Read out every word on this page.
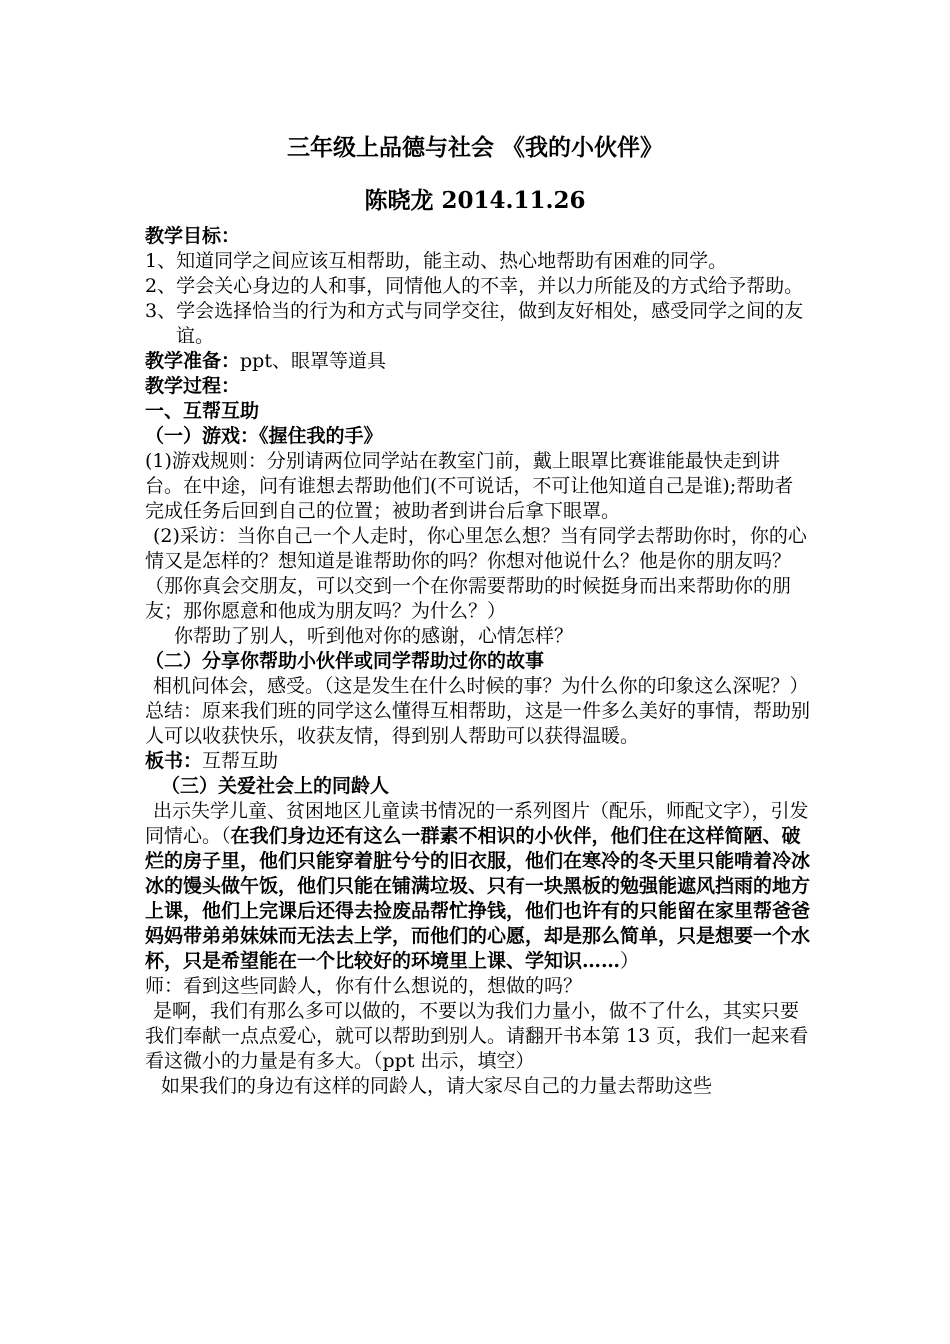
三年级上品德与社会 《我的小伙伴》
陈晓龙 2014.11.26

教学目标：

1、知道同学之间应该互相帮助，能主动、热心地帮助有困难的同学。

2、学会关心身边的人和事，同情他人的不幸，并以力所能及的方式给予帮助。

3、学会选择恰当的行为和方式与同学交往，做到友好相处，感受同学之间的友谊。

教学准备：ppt、眼罩等道具

教学过程：

一、互帮互助

（一）游戏：《握住我的手》

(1)游戏规则：分别请两位同学站在教室门前，戴上眼罩比赛谁能最快走到讲台。在中途，问有谁想去帮助他们(不可说话，不可让他知道自己是谁);帮助者完成任务后回到自己的位置；被助者到讲台后拿下眼罩。

(2)采访：当你自己一个人走时，你心里怎么想？当有同学去帮助你时，你的心情又是怎样的？想知道是谁帮助你的吗？你想对他说什么？他是你的朋友吗？（那你真会交朋友，可以交到一个在你需要帮助的时候挺身而出来帮助你的朋友；那你愿意和他成为朋友吗？为什么？）

你帮助了别人，听到他对你的感谢，心情怎样？

（二）分享你帮助小伙伴或同学帮助过你的故事

相机问体会，感受。（这是发生在什么时候的事？为什么你的印象这么深呢？）

总结：原来我们班的同学这么懂得互相帮助，这是一件多么美好的事情，帮助别人可以收获快乐，收获友情，得到别人帮助可以获得温暖。

板书：互帮互助

（三）关爱社会上的同龄人

出示失学儿童、贫困地区儿童读书情况的一系列图片（配乐，师配文字），引发同情心。（在我们身边还有这么一群素不相识的小伙伴，他们住在这样简陋、破烂的房子里，他们只能穿着脏兮兮的旧衣服，他们在寒冷的冬天里只能啃着冷冰冰的馒头做午饭，他们只能在铺满垃圾、只有一块黑板的勉强能遮风挡雨的地方上课，他们上完课后还得去捡废品帮忙挣钱，他们也许有的只能留在家里帮爸爸妈妈带弟弟妹妹而无法去上学，而他们的心愿，却是那么简单，只是想要一个水杯，只是希望能在一个比较好的环境里上课、学知识……）

师：看到这些同龄人，你有什么想说的，想做的吗？

是啊，我们有那么多可以做的，不要以为我们力量小，做不了什么，其实只要我们奉献一点点爱心，就可以帮助到别人。请翻开书本第 13 页，我们一起来看看这微小的力量是有多大。（ppt 出示，填空）

如果我们的身边有这样的同龄人，请大家尽自己的力量去帮助这些
